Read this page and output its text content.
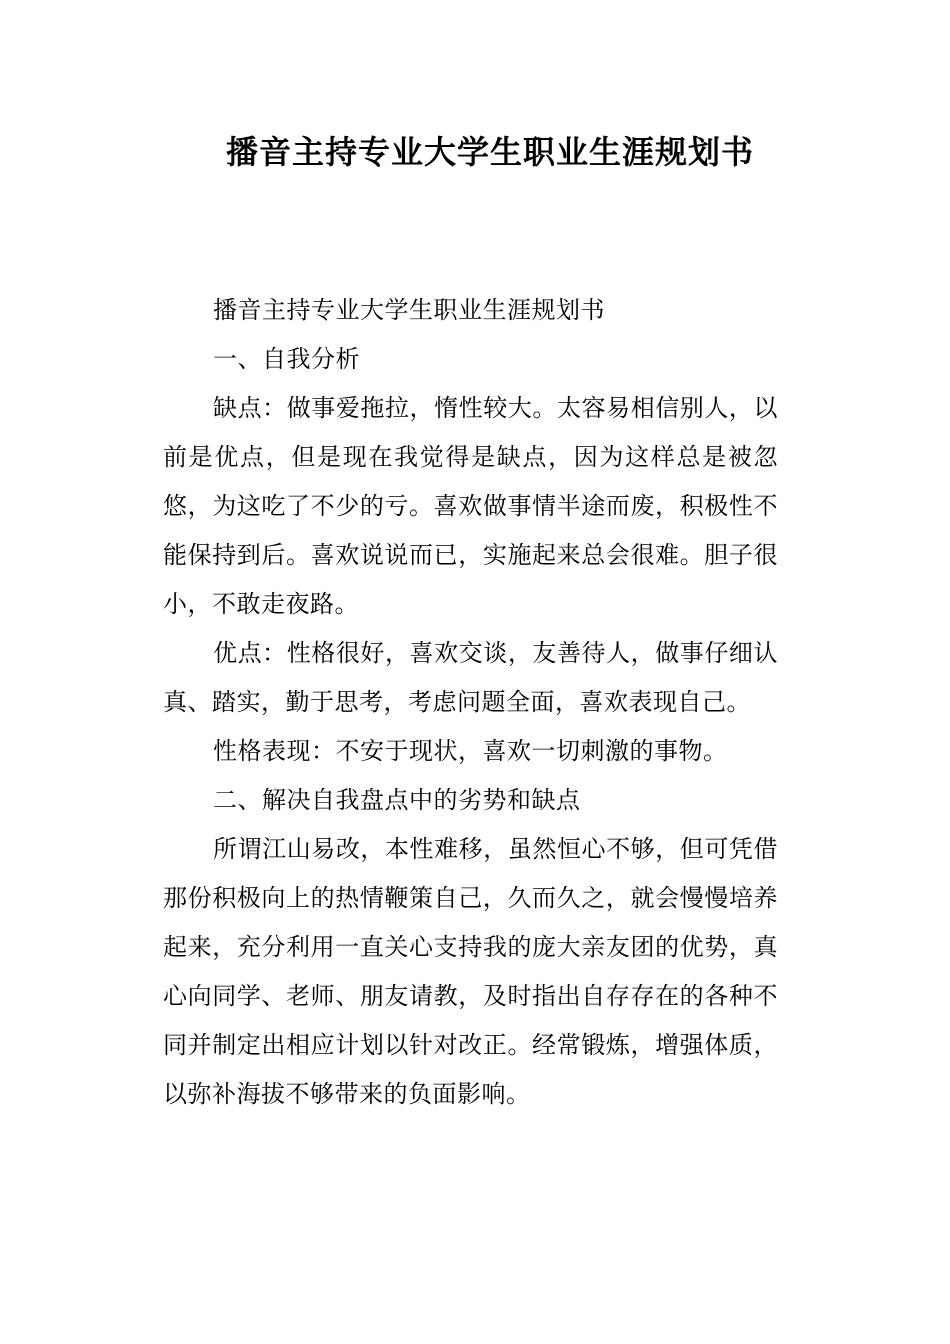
播音主持专业大学生职业生涯规划书

播音主持专业大学生职业生涯规划书

一、自我分析

缺点：做事爱拖拉，惰性较大。太容易相信别人，以前是优点，但是现在我觉得是缺点，因为这样总是被忽悠，为这吃了不少的亏。喜欢做事情半途而废，积极性不能保持到后。喜欢说说而已，实施起来总会很难。胆子很小，不敢走夜路。

优点：性格很好，喜欢交谈，友善待人，做事仔细认真、踏实，勤于思考，考虑问题全面，喜欢表现自己。

性格表现：不安于现状，喜欢一切刺激的事物。

二、解决自我盘点中的劣势和缺点

所谓江山易改，本性难移，虽然恒心不够，但可凭借那份积极向上的热情鞭策自己，久而久之，就会慢慢培养起来，充分利用一直关心支持我的庞大亲友团的优势，真心向同学、老师、朋友请教，及时指出自存存在的各种不同并制定出相应计划以针对改正。经常锻炼，增强体质，以弥补海拔不够带来的负面影响。
